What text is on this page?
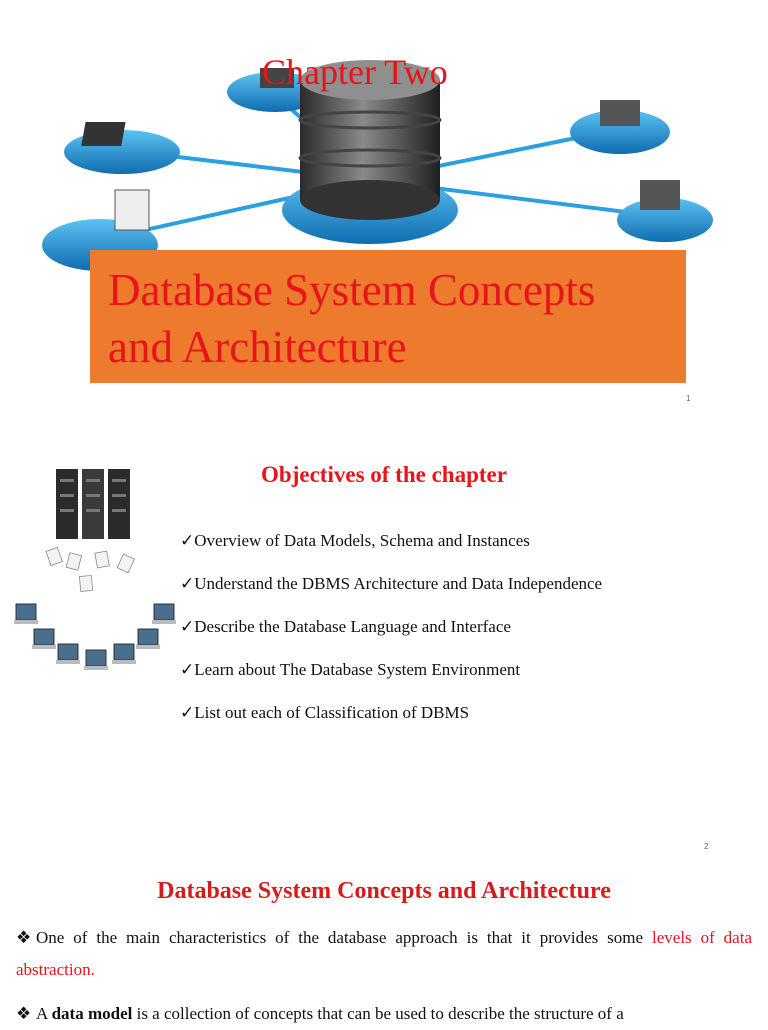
Chapter Two
Database System Concepts
and Architecture
1
Objectives of the chapter
✓Overview of Data Models, Schema and Instances
✓Understand the DBMS Architecture and Data Independence
✓Describe the Database Language and Interface
✓Learn about The Database System Environment
✓List out each of Classification of DBMS
2
Database System Concepts and Architecture
❖ One of the main characteristics of the database approach is that it provides some levels of data abstraction.
❖ A data model is a collection of concepts that can be used to describe the structure of a
